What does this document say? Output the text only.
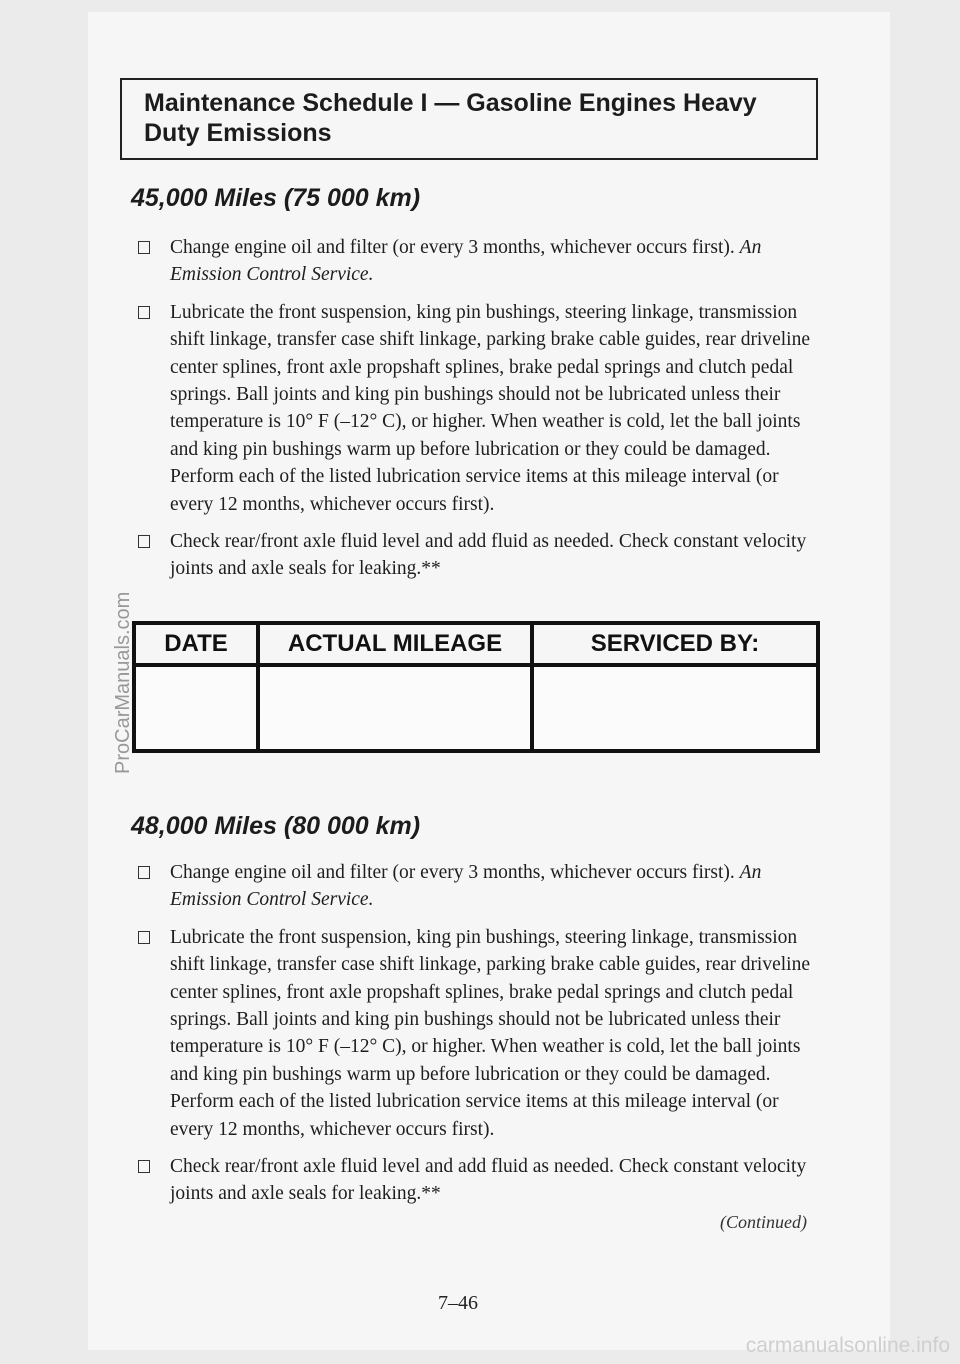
Maintenance Schedule I — Gasoline Engines Heavy
Duty Emissions
45,000 Miles (75 000 km)
Change engine oil and filter (or every 3 months, whichever occurs first). An Emission Control Service.
Lubricate the front suspension, king pin bushings, steering linkage, transmission shift linkage, transfer case shift linkage, parking brake cable guides, rear driveline center splines, front axle propshaft splines, brake pedal springs and clutch pedal springs. Ball joints and king pin bushings should not be lubricated unless their temperature is 10° F (–12° C), or higher. When weather is cold, let the ball joints and king pin bushings warm up before lubrication or they could be damaged. Perform each of the listed lubrication service items at this mileage interval (or every 12 months, whichever occurs first).
Check rear/front axle fluid level and add fluid as needed. Check constant velocity joints and axle seals for leaking.**
DATE	ACTUAL MILEAGE	SERVICED BY:

48,000 Miles (80 000 km)
Change engine oil and filter (or every 3 months, whichever occurs first). An Emission Control Service.
Lubricate the front suspension, king pin bushings, steering linkage, transmission shift linkage, transfer case shift linkage, parking brake cable guides, rear driveline center splines, front axle propshaft splines, brake pedal springs and clutch pedal springs. Ball joints and king pin bushings should not be lubricated unless their temperature is 10° F (–12° C), or higher. When weather is cold, let the ball joints and king pin bushings warm up before lubrication or they could be damaged. Perform each of the listed lubrication service items at this mileage interval (or every 12 months, whichever occurs first).
Check rear/front axle fluid level and add fluid as needed. Check constant velocity joints and axle seals for leaking.**
(Continued)
7–46
ProCarManuals.com
carmanualsonline.info
